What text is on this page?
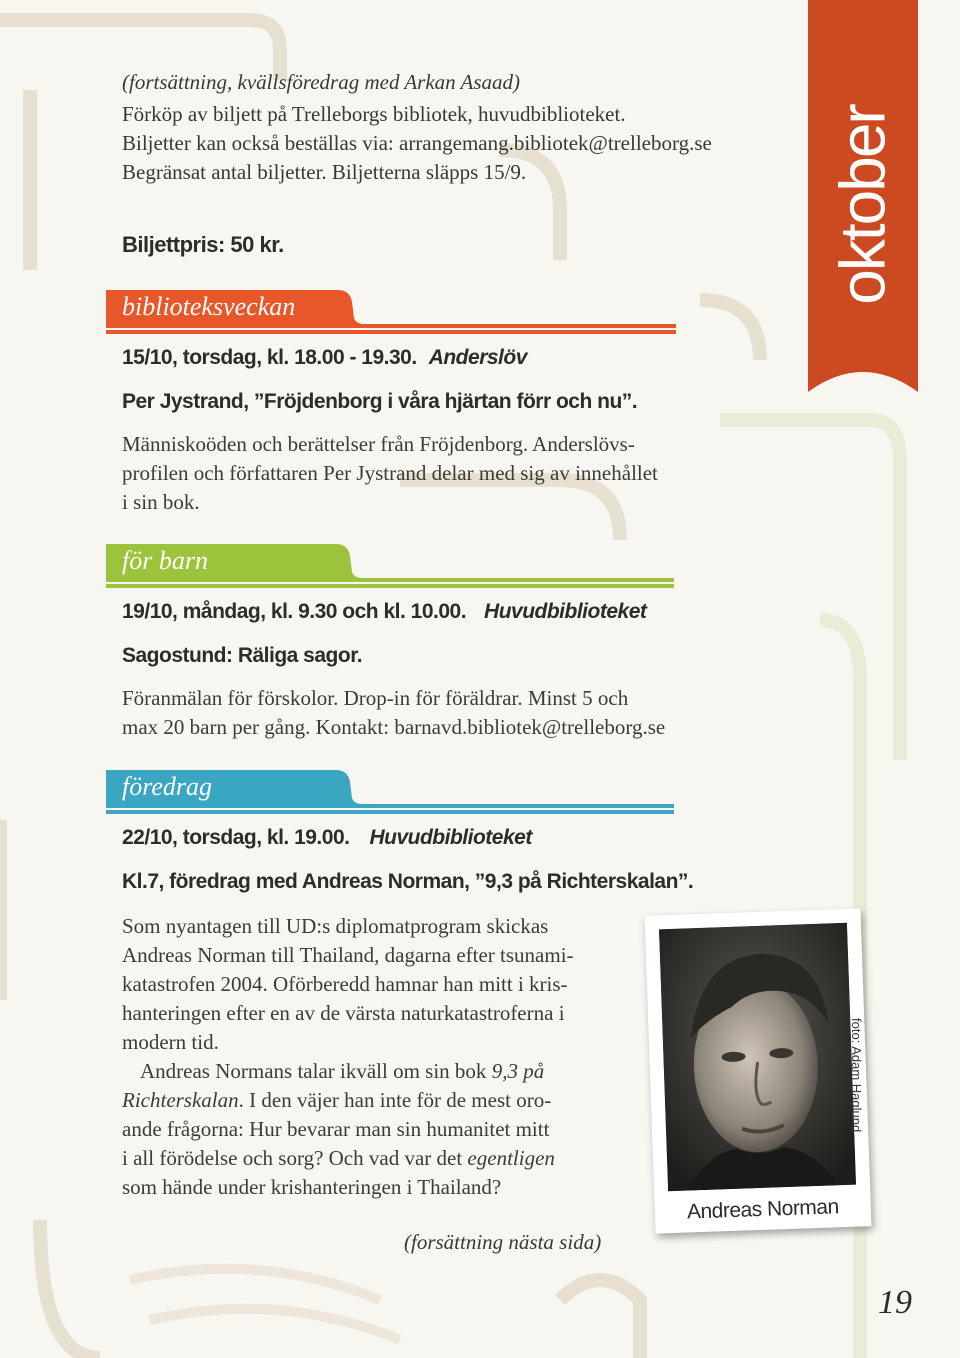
oktober
(fortsättning, kvällsföredrag med Arkan Asaad)
Förköp av biljett på Trelleborgs bibliotek, huvudbiblioteket.
Biljetter kan också beställas via: arrangemang.bibliotek@trelleborg.se
Begränsat antal biljetter. Biljetterna släpps 15/9.
Biljettpris: 50 kr.
biblioteksveckan
15/10, torsdag, kl. 18.00 - 19.30. Anderslöv
Per Jystrand, ”Fröjdenborg i våra hjärtan förr och nu”.
Människoöden och berättelser från Fröjdenborg. Anderslövs-
profilen och författaren Per Jystrand delar med sig av innehållet
i sin bok.
för barn
19/10, måndag, kl. 9.30 och kl. 10.00. Huvudbiblioteket
Sagostund: Räliga sagor.
Föranmälan för förskolor. Drop-in för föräldrar. Minst 5 och
max 20 barn per gång. Kontakt: barnavd.bibliotek@trelleborg.se
föredrag
22/10, torsdag, kl. 19.00. Huvudbiblioteket
Kl.7, föredrag med Andreas Norman, ”9,3 på Richterskalan”.
Som nyantagen till UD:s diplomatprogram skickas
Andreas Norman till Thailand, dagarna efter tsunami-
katastrofen 2004. Oförberedd hamnar han mitt i kris-
hanteringen efter en av de värsta naturkatastroferna i
modern tid.
Andreas Normans talar ikväll om sin bok 9,3 på
Richterskalan. I den väjer han inte för de mest oro-
ande frågorna: Hur bevarar man sin humanitet mitt
i all förödelse och sorg? Och vad var det egentligen
som hände under krishanteringen i Thailand?
Andreas Norman
foto: Adam Haglund
(forsättning nästa sida)
19
